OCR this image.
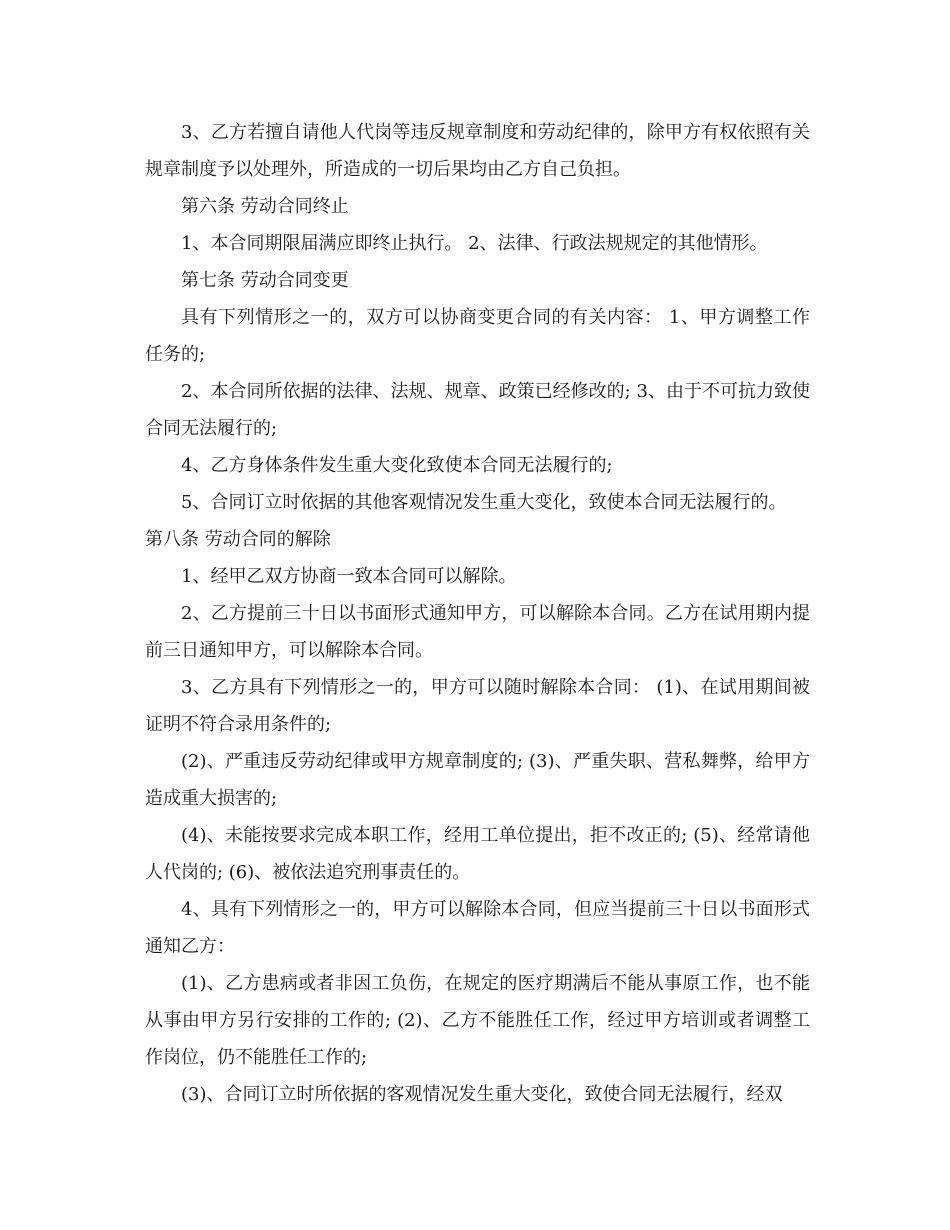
3、乙方若擅自请他人代岗等违反规章制度和劳动纪律的，除甲方有权依照有关规章制度予以处理外，所造成的一切后果均由乙方自己负担。

第六条 劳动合同终止

1、本合同期限届满应即终止执行。 2、法律、行政法规规定的其他情形。

第七条 劳动合同变更

具有下列情形之一的，双方可以协商变更合同的有关内容： 1、甲方调整工作任务的;

2、本合同所依据的法律、法规、规章、政策已经修改的; 3、由于不可抗力致使合同无法履行的;

4、乙方身体条件发生重大变化致使本合同无法履行的;

5、合同订立时依据的其他客观情况发生重大变化，致使本合同无法履行的。

第八条 劳动合同的解除

1、经甲乙双方协商一致本合同可以解除。

2、乙方提前三十日以书面形式通知甲方，可以解除本合同。乙方在试用期内提前三日通知甲方，可以解除本合同。

3、乙方具有下列情形之一的，甲方可以随时解除本合同： (1)、在试用期间被证明不符合录用条件的;

(2)、严重违反劳动纪律或甲方规章制度的; (3)、严重失职、营私舞弊，给甲方造成重大损害的;

(4)、未能按要求完成本职工作，经用工单位提出，拒不改正的; (5)、经常请他人代岗的; (6)、被依法追究刑事责任的。

4、具有下列情形之一的，甲方可以解除本合同，但应当提前三十日以书面形式通知乙方：

(1)、乙方患病或者非因工负伤，在规定的医疗期满后不能从事原工作，也不能从事由甲方另行安排的工作的; (2)、乙方不能胜任工作，经过甲方培训或者调整工作岗位，仍不能胜任工作的;

(3)、合同订立时所依据的客观情况发生重大变化，致使合同无法履行，经双
